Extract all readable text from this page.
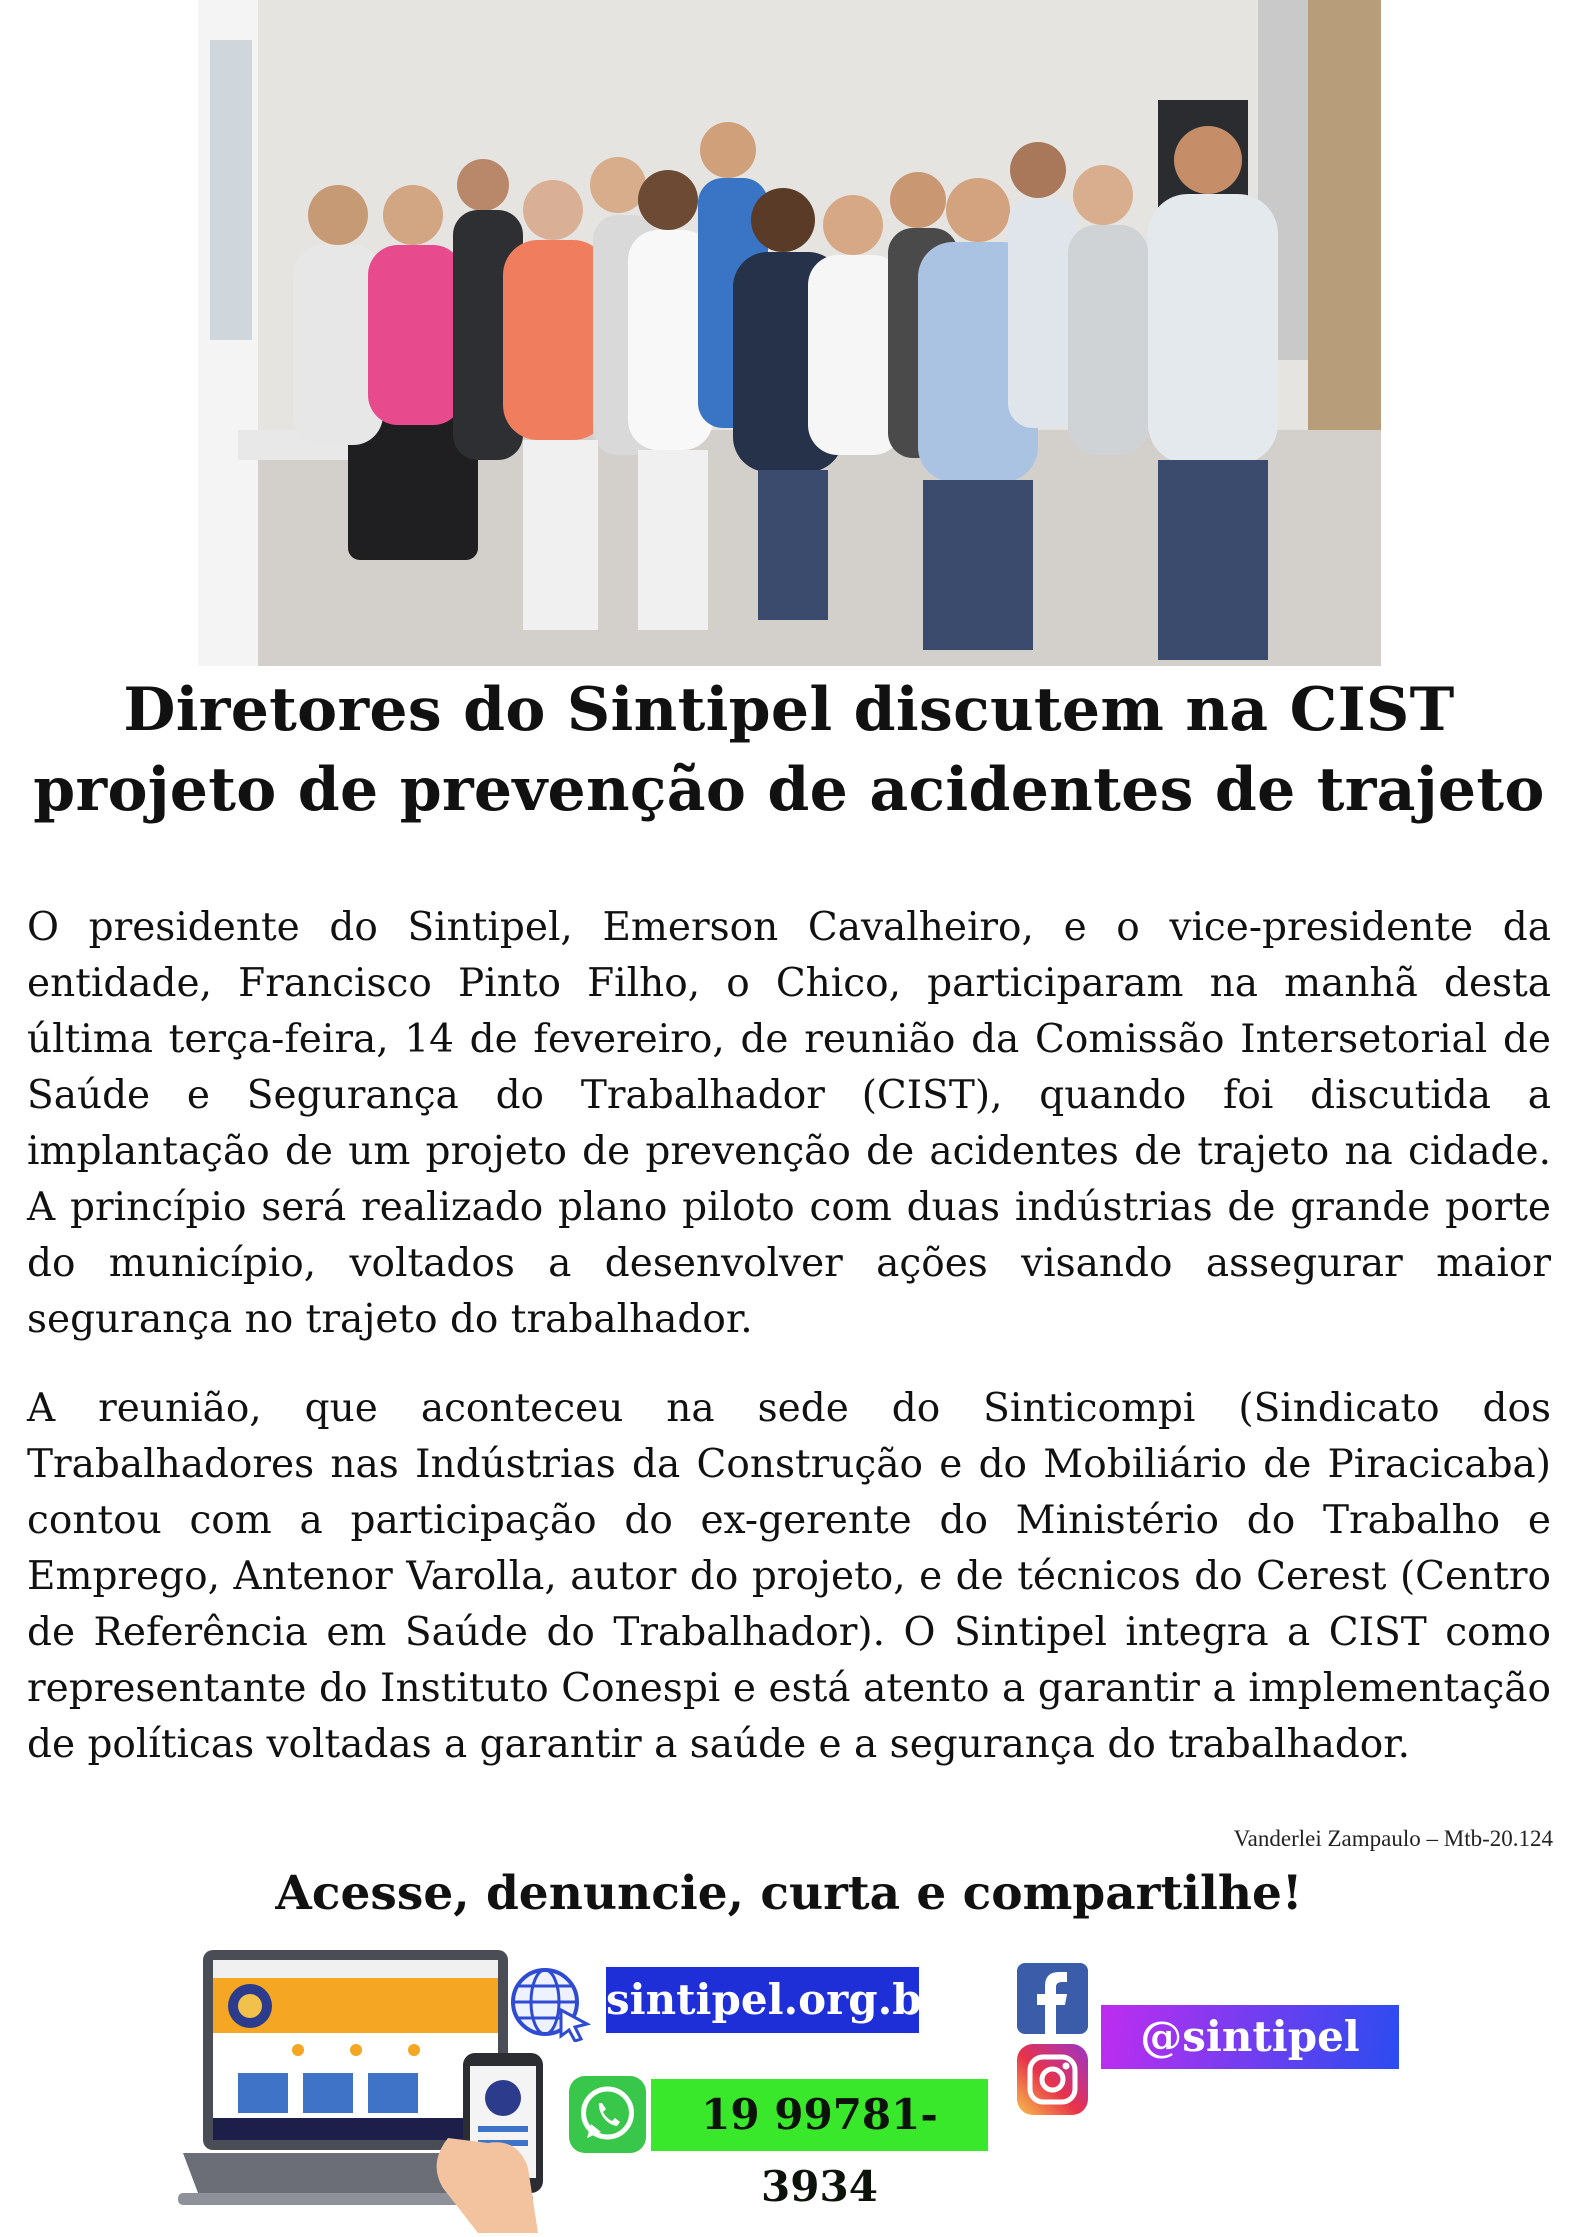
Diretores do Sintipel discutem na CIST
projeto de prevenção de acidentes de trajeto
O presidente do Sintipel, Emerson Cavalheiro, e o vice-presidente da entidade, Francisco Pinto Filho, o Chico, participaram na manhã desta última terça-feira, 14 de fevereiro, de reunião da Comissão Intersetorial de Saúde e Segurança do Trabalhador (CIST), quando foi discutida a implantação de um projeto de prevenção de acidentes de trajeto na cidade. A princípio será realizado plano piloto com duas indústrias de grande porte do município, voltados a desenvolver ações visando assegurar maior segurança no trajeto do trabalhador.
A reunião, que aconteceu na sede do Sinticompi (Sindicato dos Trabalhadores nas Indústrias da Construção e do Mobiliário de Piracicaba) contou com a participação do ex-gerente do Ministério do Trabalho e Emprego, Antenor Varolla, autor do projeto, e de técnicos do Cerest (Centro de Referência em Saúde do Trabalhador). O Sintipel integra a CIST como representante do Instituto Conespi e está atento a garantir a implementação de políticas voltadas a garantir a saúde e a segurança do trabalhador.
Vanderlei Zampaulo – Mtb-20.124
Acesse, denuncie, curta e compartilhe!
sintipel.org.br
19 99781-3934
@sintipel
